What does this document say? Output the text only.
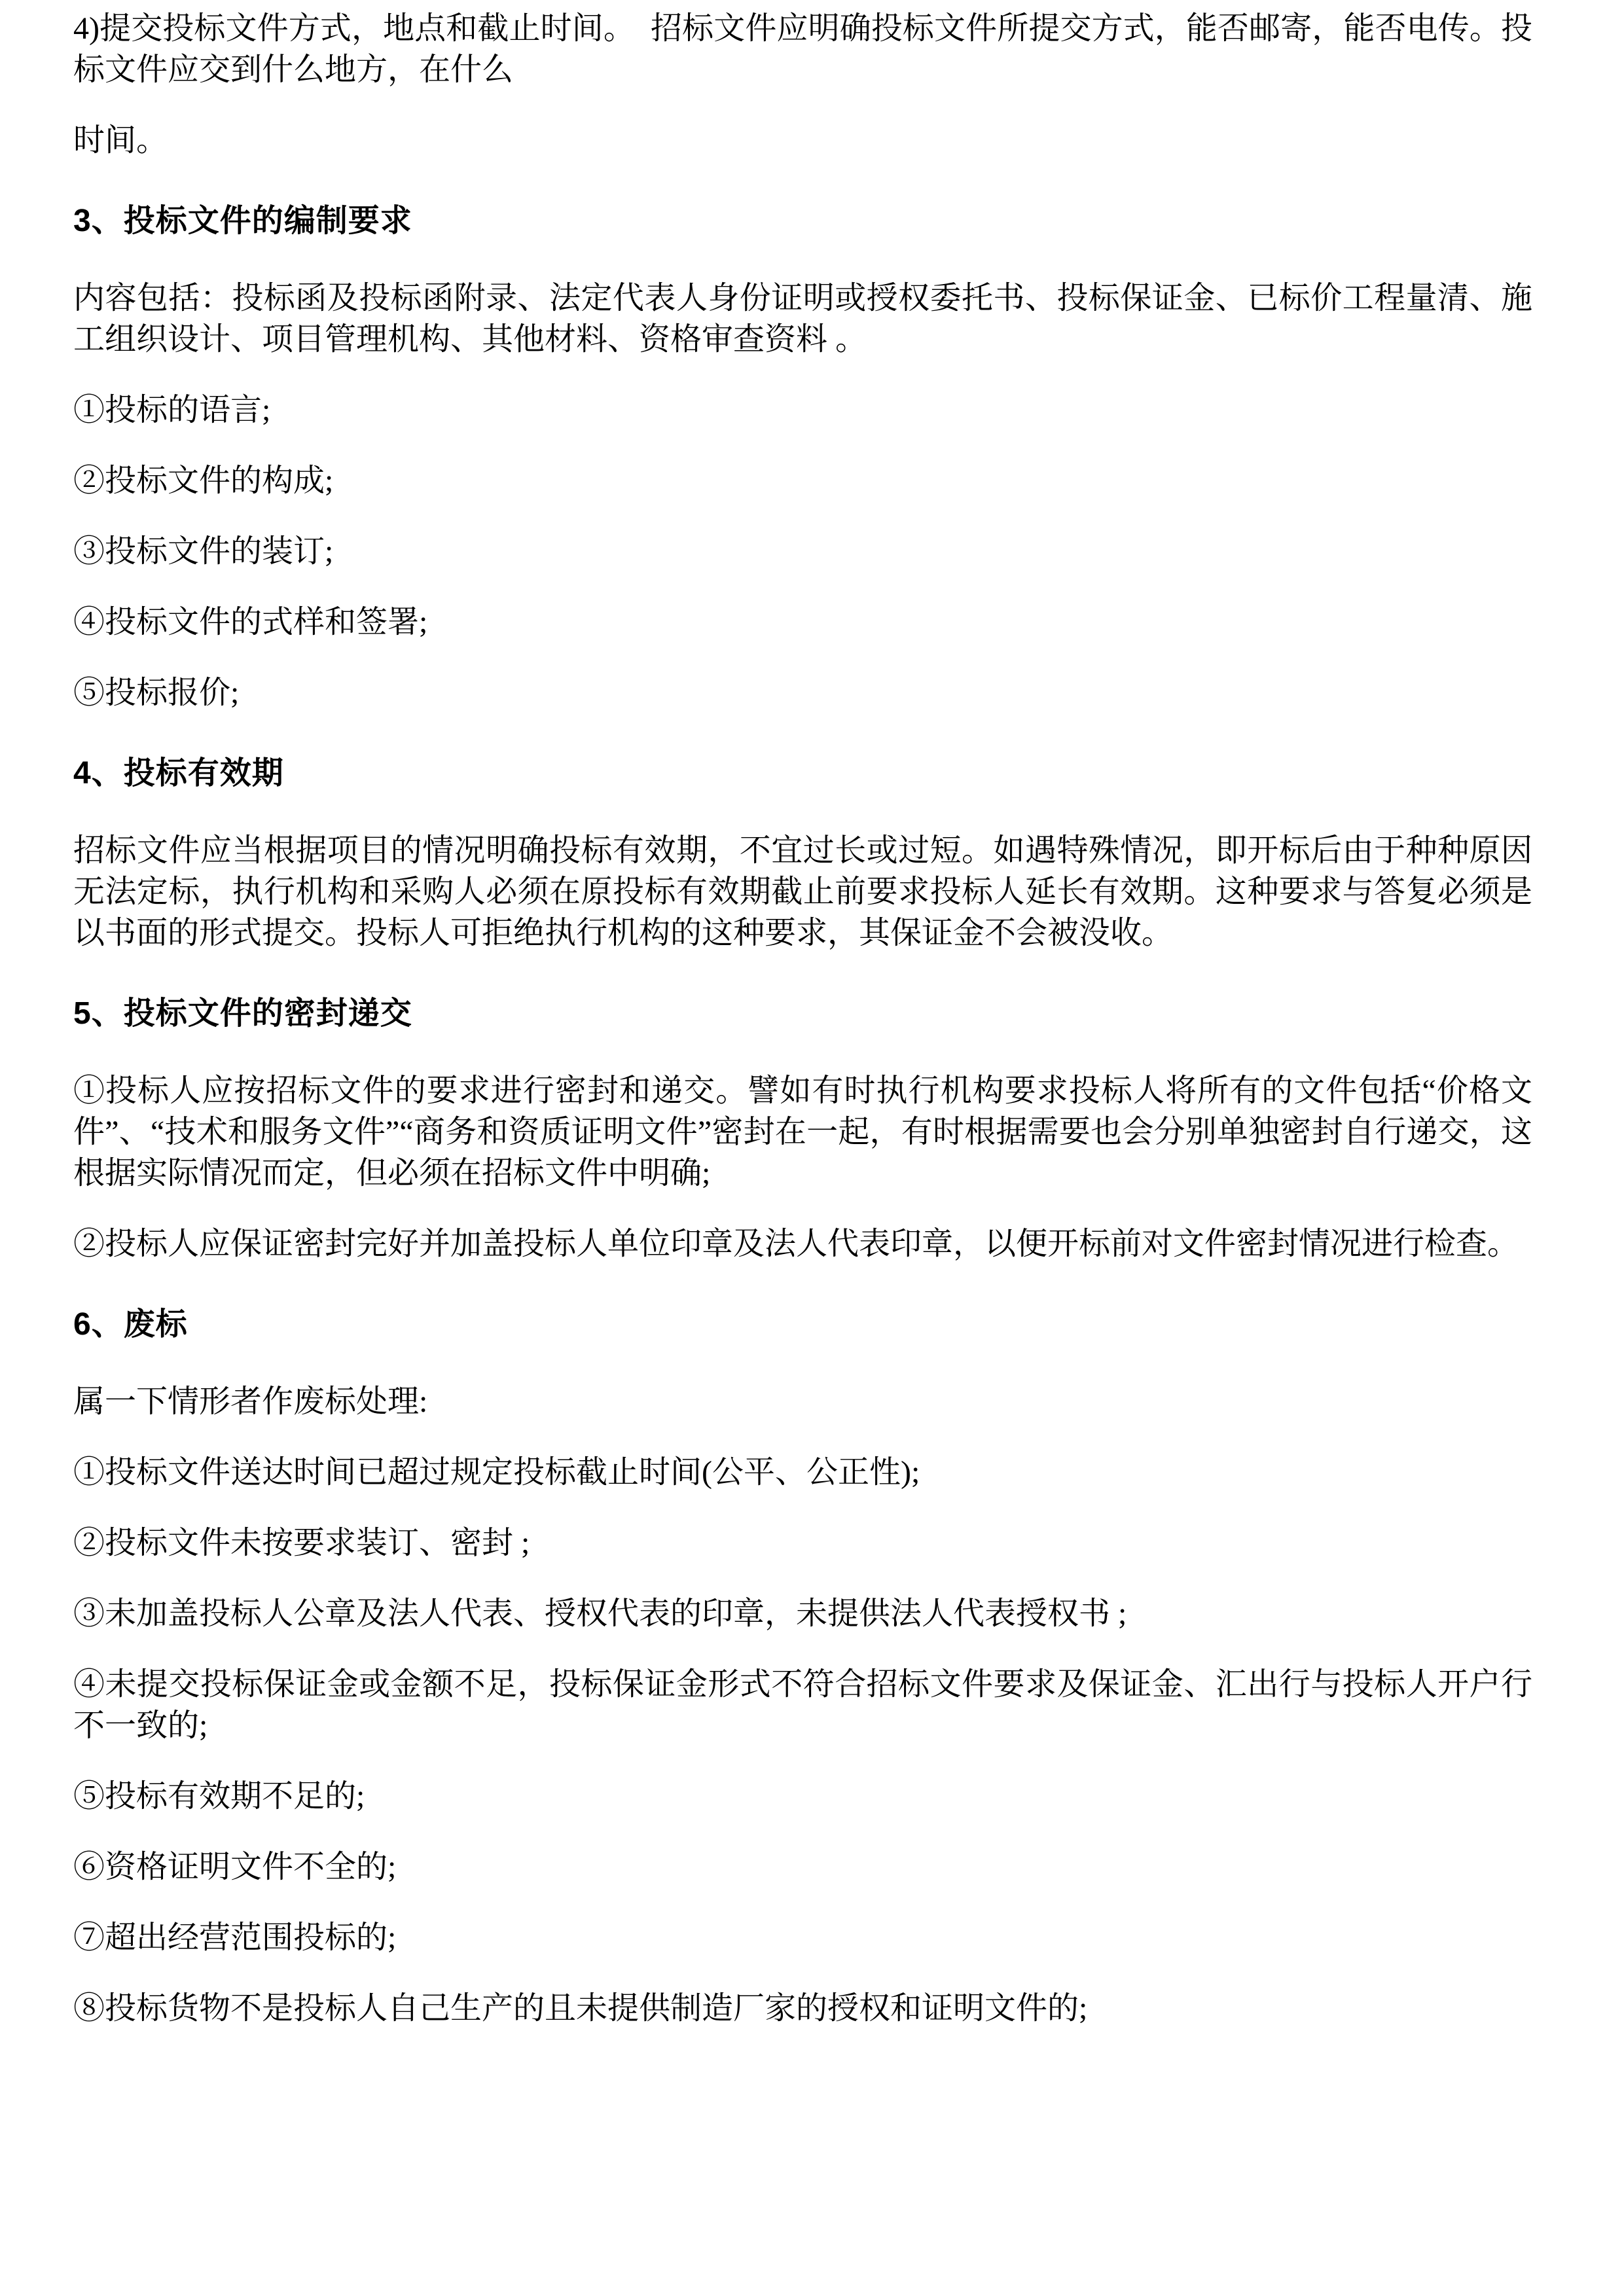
4)提交投标文件方式，地点和截止时间。　招标文件应明确投标文件所提交方式，能否邮寄，能否电传。投标文件应交到什么地方，在什么

时间。

3、投标文件的编制要求

内容包括：投标函及投标函附录、法定代表人身份证明或授权委托书、投标保证金、已标价工程量清、施工组织设计、项目管理机构、其他材料、资格审查资料 。

①投标的语言;

②投标文件的构成;

③投标文件的装订;

④投标文件的式样和签署;

⑤投标报价;

4、投标有效期

招标文件应当根据项目的情况明确投标有效期，不宜过长或过短。如遇特殊情况，即开标后由于种种原因无法定标，执行机构和采购人必须在原投标有效期截止前要求投标人延长有效期。这种要求与答复必须是以书面的形式提交。投标人可拒绝执行机构的这种要求，其保证金不会被没收。

5、投标文件的密封递交

①投标人应按招标文件的要求进行密封和递交。譬如有时执行机构要求投标人将所有的文件包括“价格文件”、“技术和服务文件”“商务和资质证明文件”密封在一起，有时根据需要也会分别单独密封自行递交，这根据实际情况而定，但必须在招标文件中明确;

②投标人应保证密封完好并加盖投标人单位印章及法人代表印章，以便开标前对文件密封情况进行检查。

6、废标

属一下情形者作废标处理:

①投标文件送达时间已超过规定投标截止时间(公平、公正性);

②投标文件未按要求装订、密封 ;

③未加盖投标人公章及法人代表、授权代表的印章，未提供法人代表授权书 ;

④未提交投标保证金或金额不足，投标保证金形式不符合招标文件要求及保证金、汇出行与投标人开户行不一致的;

⑤投标有效期不足的;

⑥资格证明文件不全的;

⑦超出经营范围投标的;

⑧投标货物不是投标人自己生产的且未提供制造厂家的授权和证明文件的;
